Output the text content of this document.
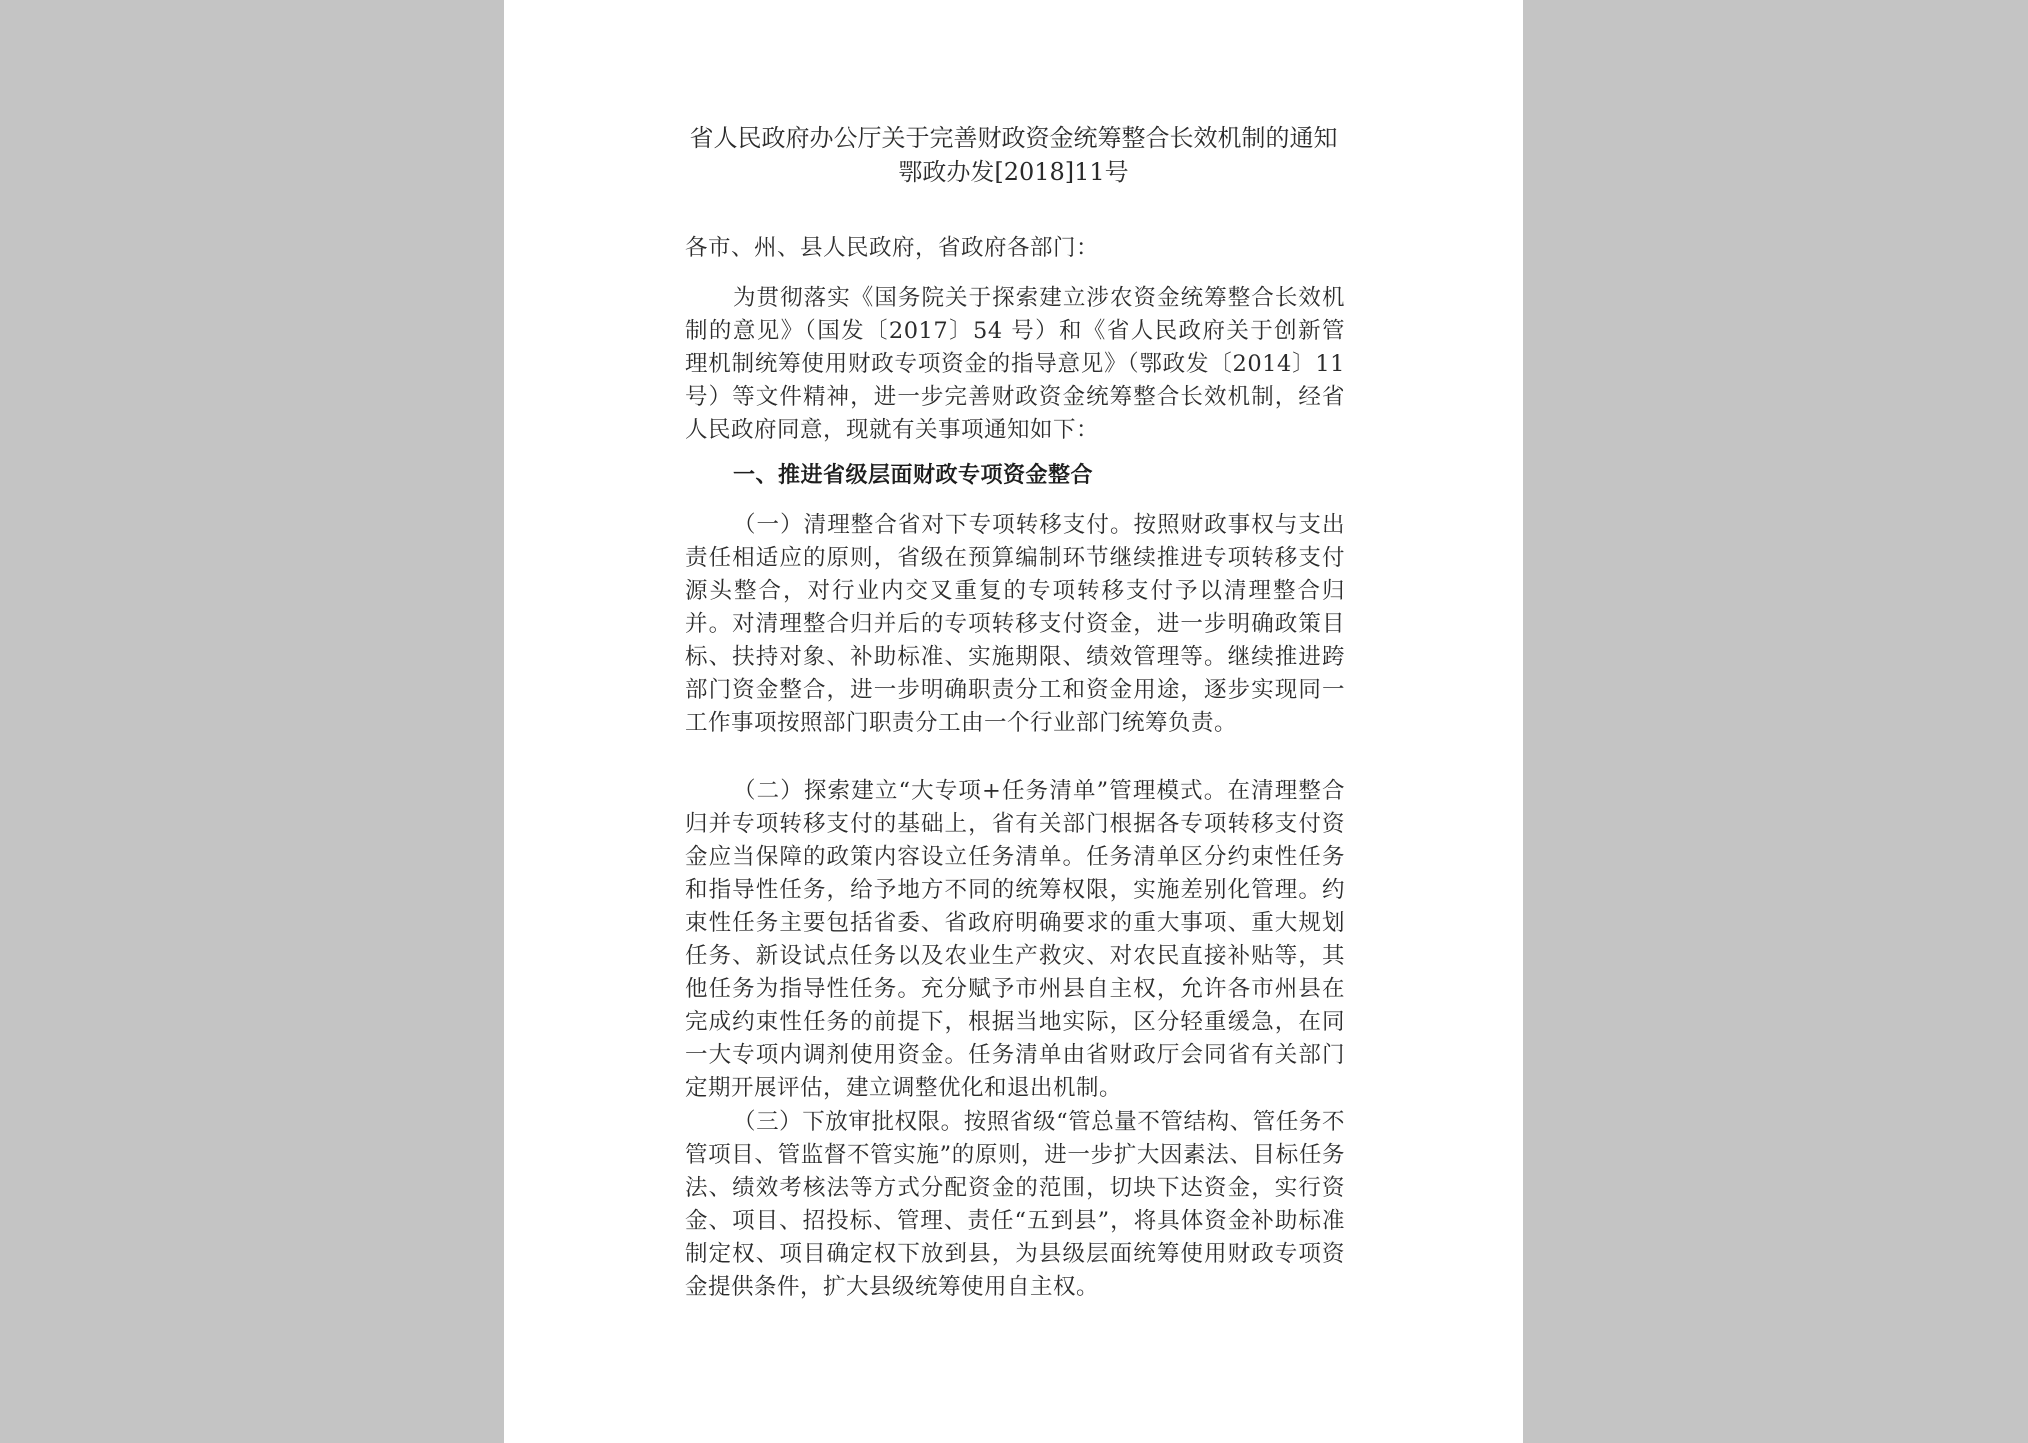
省人民政府办公厅关于完善财政资金统筹整合长效机制的通知
鄂政办发[2018]11号

各市、州、县人民政府，省政府各部门：

为贯彻落实《国务院关于探索建立涉农资金统筹整合长效机制的意见》（国发〔2017〕54 号）和《省人民政府关于创新管理机制统筹使用财政专项资金的指导意见》（鄂政发〔2014〕11 号）等文件精神，进一步完善财政资金统筹整合长效机制，经省人民政府同意，现就有关事项通知如下：

一、推进省级层面财政专项资金整合

（一）清理整合省对下专项转移支付。按照财政事权与支出责任相适应的原则，省级在预算编制环节继续推进专项转移支付源头整合，对行业内交叉重复的专项转移支付予以清理整合归并。对清理整合归并后的专项转移支付资金，进一步明确政策目标、扶持对象、补助标准、实施期限、绩效管理等。继续推进跨部门资金整合，进一步明确职责分工和资金用途，逐步实现同一工作事项按照部门职责分工由一个行业部门统筹负责。

（二）探索建立“大专项+任务清单”管理模式。在清理整合归并专项转移支付的基础上，省有关部门根据各专项转移支付资金应当保障的政策内容设立任务清单。任务清单区分约束性任务和指导性任务，给予地方不同的统筹权限，实施差别化管理。约束性任务主要包括省委、省政府明确要求的重大事项、重大规划任务、新设试点任务以及农业生产救灾、对农民直接补贴等，其他任务为指导性任务。充分赋予市州县自主权，允许各市州县在完成约束性任务的前提下，根据当地实际，区分轻重缓急，在同一大专项内调剂使用资金。任务清单由省财政厅会同省有关部门定期开展评估，建立调整优化和退出机制。

（三）下放审批权限。按照省级“管总量不管结构、管任务不管项目、管监督不管实施”的原则，进一步扩大因素法、目标任务法、绩效考核法等方式分配资金的范围，切块下达资金，实行资金、项目、招投标、管理、责任“五到县”，将具体资金补助标准制定权、项目确定权下放到县，为县级层面统筹使用财政专项资金提供条件，扩大县级统筹使用自主权。
